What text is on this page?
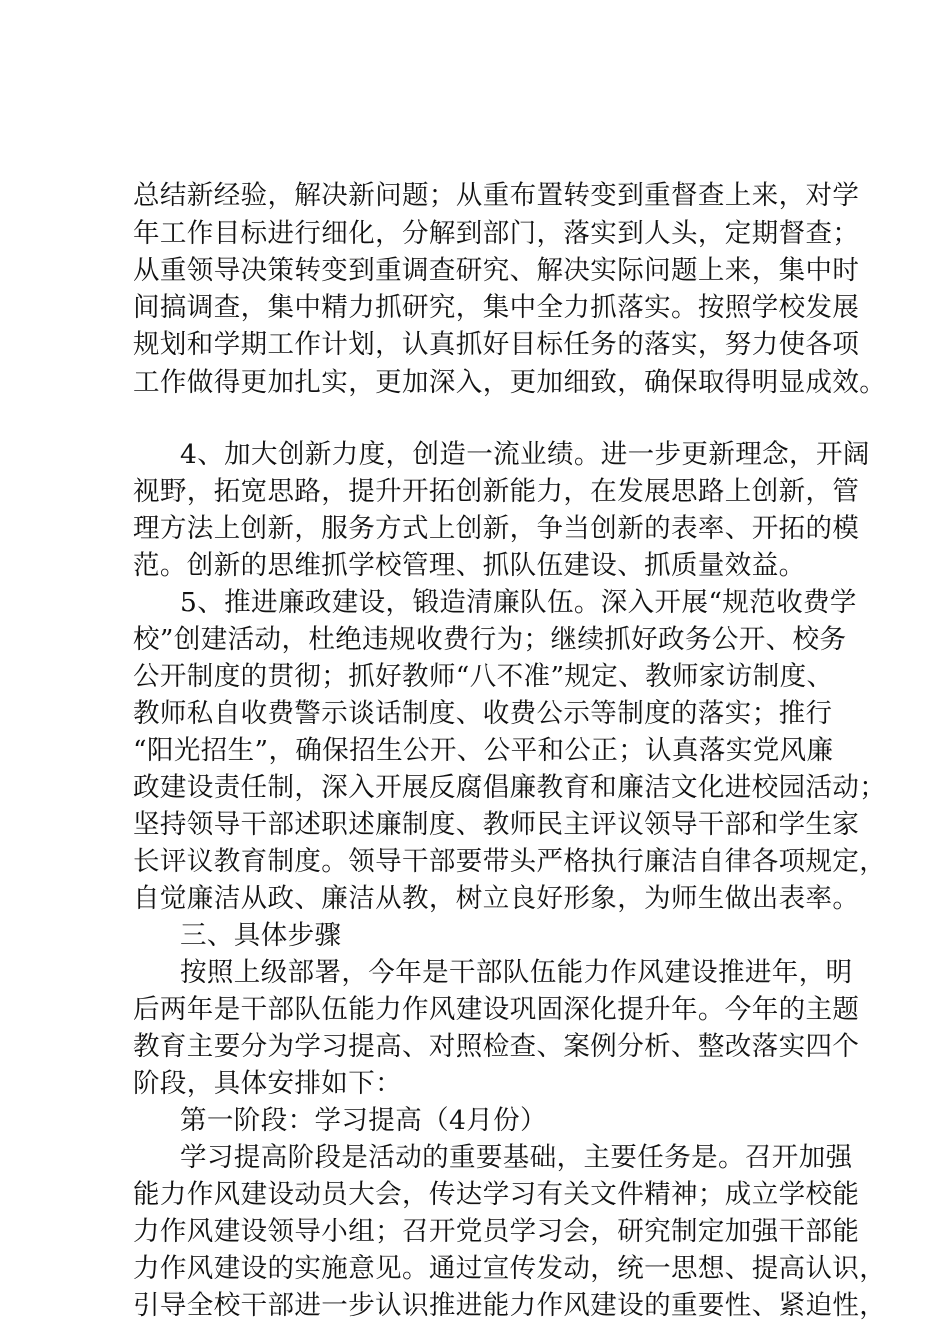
总结新经验，解决新问题；从重布置转变到重督查上来，对学
年工作目标进行细化，分解到部门，落实到人头，定期督查；
从重领导决策转变到重调查研究、解决实际问题上来，集中时
间搞调查，集中精力抓研究，集中全力抓落实。按照学校发展
规划和学期工作计划，认真抓好目标任务的落实，努力使各项
工作做得更加扎实，更加深入，更加细致，确保取得明显成效。
4、加大创新力度，创造一流业绩。进一步更新理念，开阔
视野，拓宽思路，提升开拓创新能力，在发展思路上创新，管
理方法上创新，服务方式上创新，争当创新的表率、开拓的模
范。创新的思维抓学校管理、抓队伍建设、抓质量效益。
5、推进廉政建设，锻造清廉队伍。深入开展“规范收费学
校”创建活动，杜绝违规收费行为；继续抓好政务公开、校务
公开制度的贯彻；抓好教师“八不准”规定、教师家访制度、
教师私自收费警示谈话制度、收费公示等制度的落实；推行
“阳光招生”，确保招生公开、公平和公正；认真落实党风廉
政建设责任制，深入开展反腐倡廉教育和廉洁文化进校园活动；
坚持领导干部述职述廉制度、教师民主评议领导干部和学生家
长评议教育制度。领导干部要带头严格执行廉洁自律各项规定，
自觉廉洁从政、廉洁从教，树立良好形象，为师生做出表率。
三、具体步骤
按照上级部署，今年是干部队伍能力作风建设推进年，明
后两年是干部队伍能力作风建设巩固深化提升年。今年的主题
教育主要分为学习提高、对照检查、案例分析、整改落实四个
阶段，具体安排如下：
第一阶段：学习提高（4月份）
学习提高阶段是活动的重要基础，主要任务是。召开加强
能力作风建设动员大会，传达学习有关文件精神；成立学校能
力作风建设领导小组；召开党员学习会，研究制定加强干部能
力作风建设的实施意见。通过宣传发动，统一思想、提高认识，
引导全校干部进一步认识推进能力作风建设的重要性、紧迫性，
